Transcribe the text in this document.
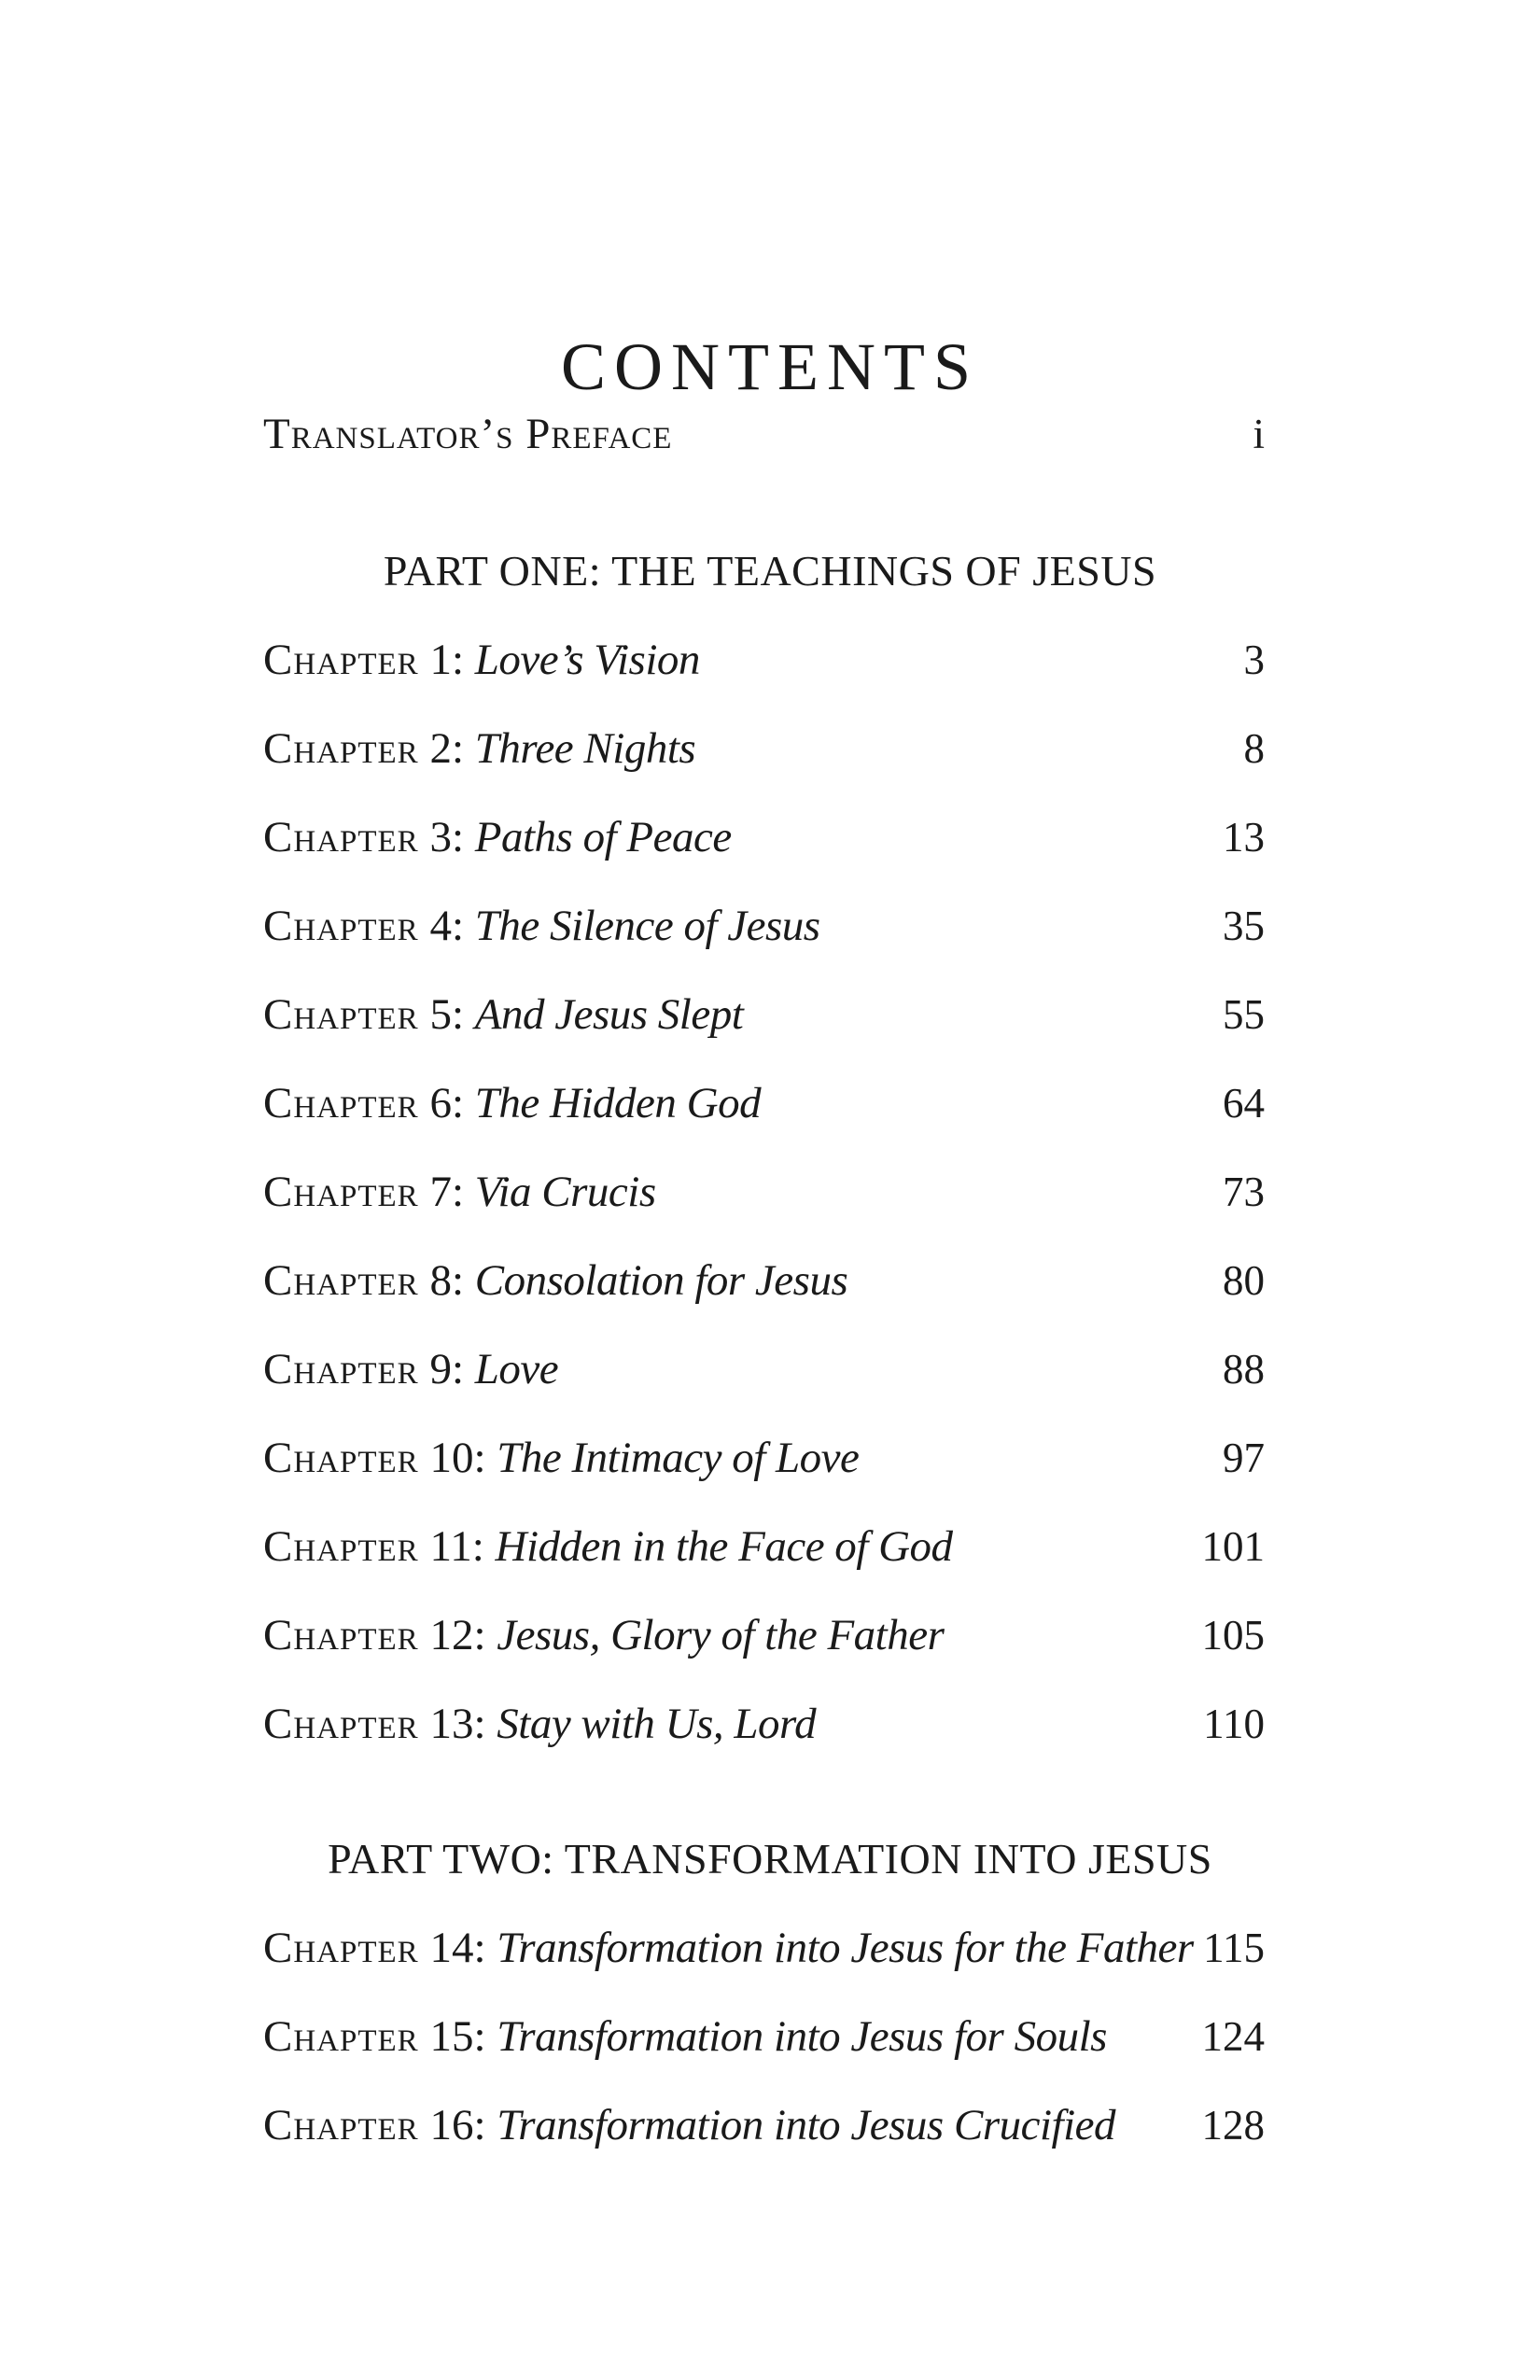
CONTENTS
Translator’s Preface	i
PART ONE: THE TEACHINGS OF JESUS
Chapter 1: Love’s Vision	3
Chapter 2: Three Nights	8
Chapter 3: Paths of Peace	13
Chapter 4: The Silence of Jesus	35
Chapter 5: And Jesus Slept	55
Chapter 6: The Hidden God	64
Chapter 7: Via Crucis	73
Chapter 8: Consolation for Jesus	80
Chapter 9: Love	88
Chapter 10: The Intimacy of Love	97
Chapter 11: Hidden in the Face of God	101
Chapter 12: Jesus, Glory of the Father	105
Chapter 13: Stay with Us, Lord	110
PART TWO: TRANSFORMATION INTO JESUS
Chapter 14: Transformation into Jesus for the Father 115
Chapter 15: Transformation into Jesus for Souls 124
Chapter 16: Transformation into Jesus Crucified 128
